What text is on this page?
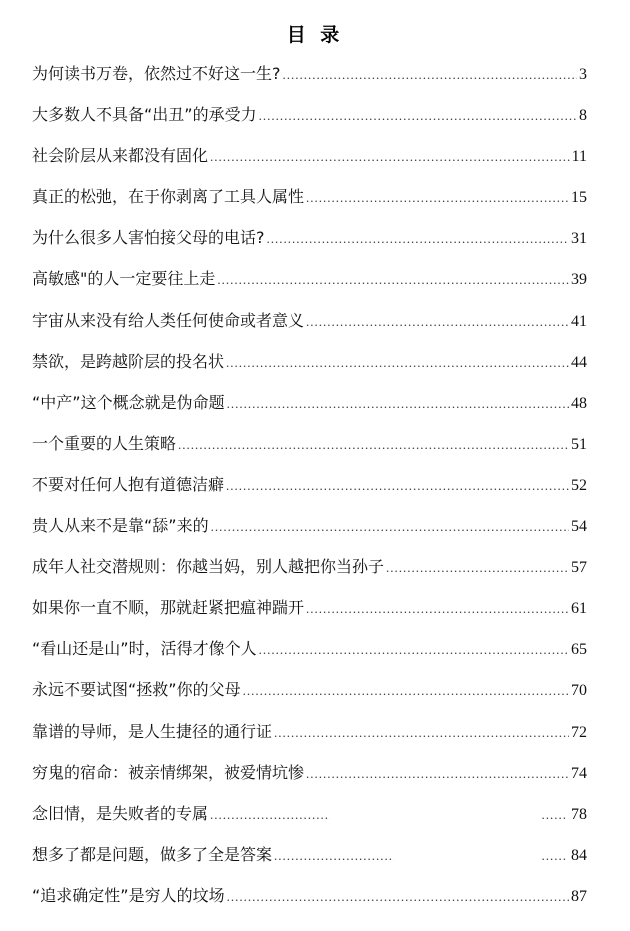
目 录
为何读书万卷，依然过不好这一生? .....	3
大多数人不具备“出丑”的承受力 .....	8
社会阶层从来都没有固化 .....	11
真正的松弛，在于你剥离了工具人属性 .....	15
为什么很多人害怕接父母的电话? .....	31
高敏感"的人一定要往上走 .....	39
宇宙从来没有给人类任何使命或者意义 .....	41
禁欲，是跨越阶层的投名状 .....	44
“中产”这个概念就是伪命题 .....	48
一个重要的人生策略 .....	51
不要对任何人抱有道德洁癖 .....	52
贵人从来不是靠“舔”来的 .....	54
成年人社交潜规则：你越当妈，别人越把你当孙子 .....	57
如果你一直不顺，那就赶紧把瘟神踹开 .....	61
“看山还是山”时，活得才像个人 .....	65
永远不要试图“拯救”你的父母 .....	70
靠谱的导师，是人生捷径的通行证 .....	72
穷鬼的宿命：被亲情绑架，被爱情坑惨 .....	74
念旧情，是失败者的专属 ..... ......	78
想多了都是问题，做多了全是答案 ..... ......	84
“追求确定性”是穷人的坟场 .....	87
